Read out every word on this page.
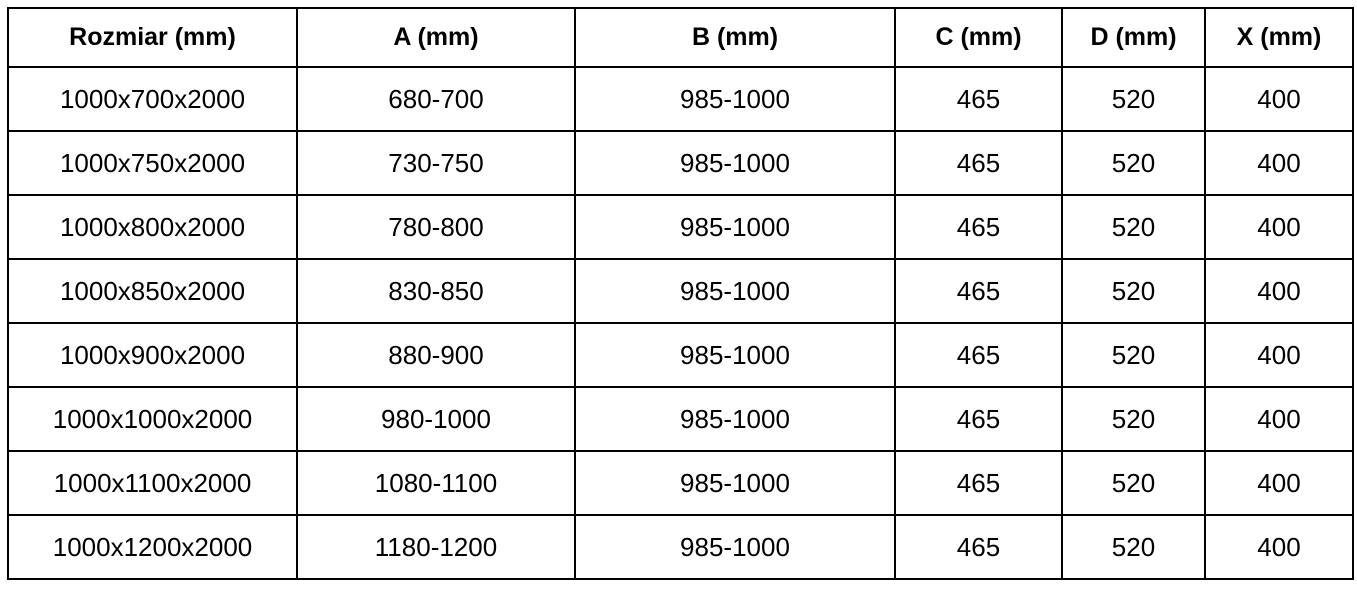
Rozmiar (mm)	A (mm)	B (mm)	C (mm)	D (mm)	X (mm)
1000x700x2000	680-700	985-1000	465	520	400
1000x750x2000	730-750	985-1000	465	520	400
1000x800x2000	780-800	985-1000	465	520	400
1000x850x2000	830-850	985-1000	465	520	400
1000x900x2000	880-900	985-1000	465	520	400
1000x1000x2000	980-1000	985-1000	465	520	400
1000x1100x2000	1080-1100	985-1000	465	520	400
1000x1200x2000	1180-1200	985-1000	465	520	400
